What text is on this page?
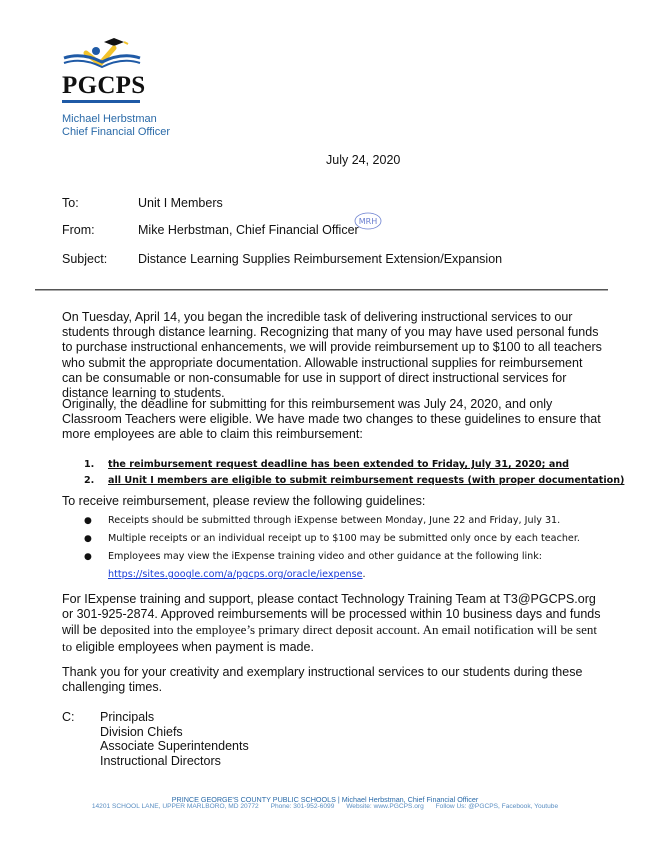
PGCPS
Michael Herbstman
Chief Financial Officer
July 24, 2020
To:	Unit I Members
From:	Mike Herbstman, Chief Financial Officer
MRH
Subject: Distance Learning Supplies Reimbursement Extension/Expansion
On Tuesday, April 14, you began the incredible task of delivering instructional services to our students through distance learning. Recognizing that many of you may have used personal funds to purchase instructional enhancements, we will provide reimbursement up to $100 to all teachers who submit the appropriate documentation. Allowable instructional supplies for reimbursement can be consumable or non-consumable for use in support of direct instructional services for distance learning to students.
Originally, the deadline for submitting for this reimbursement was July 24, 2020, and only Classroom Teachers were eligible. We have made two changes to these guidelines to ensure that more employees are able to claim this reimbursement:
1. the reimbursement request deadline has been extended to Friday, July 31, 2020; and
2. all Unit I members are eligible to submit reimbursement requests (with proper documentation)
To receive reimbursement, please review the following guidelines:
● Receipts should be submitted through iExpense between Monday, June 22 and Friday, July 31.
● Multiple receipts or an individual receipt up to $100 may be submitted only once by each teacher.
● Employees may view the iExpense training video and other guidance at the following link:
https://sites.google.com/a/pgcps.org/oracle/iexpense.
For IExpense training and support, please contact Technology Training Team at T3@PGCPS.org or 301-925-2874. Approved reimbursements will be processed within 10 business days and funds will be deposited into the employee’s primary direct deposit account. An email notification will be sent to eligible employees when payment is made.
Thank you for your creativity and exemplary instructional services to our students during these challenging times.
C: Principals
Division Chiefs
Associate Superintendents
Instructional Directors
PRINCE GEORGE'S COUNTY PUBLIC SCHOOLS | Michael Herbstman, Chief Financial Officer
14201 SCHOOL LANE, UPPER MARLBORO, MD 20772 Phone: 301-952-6099 Website: www.PGCPS.org Follow Us: @PGCPS, Facebook, Youtube
